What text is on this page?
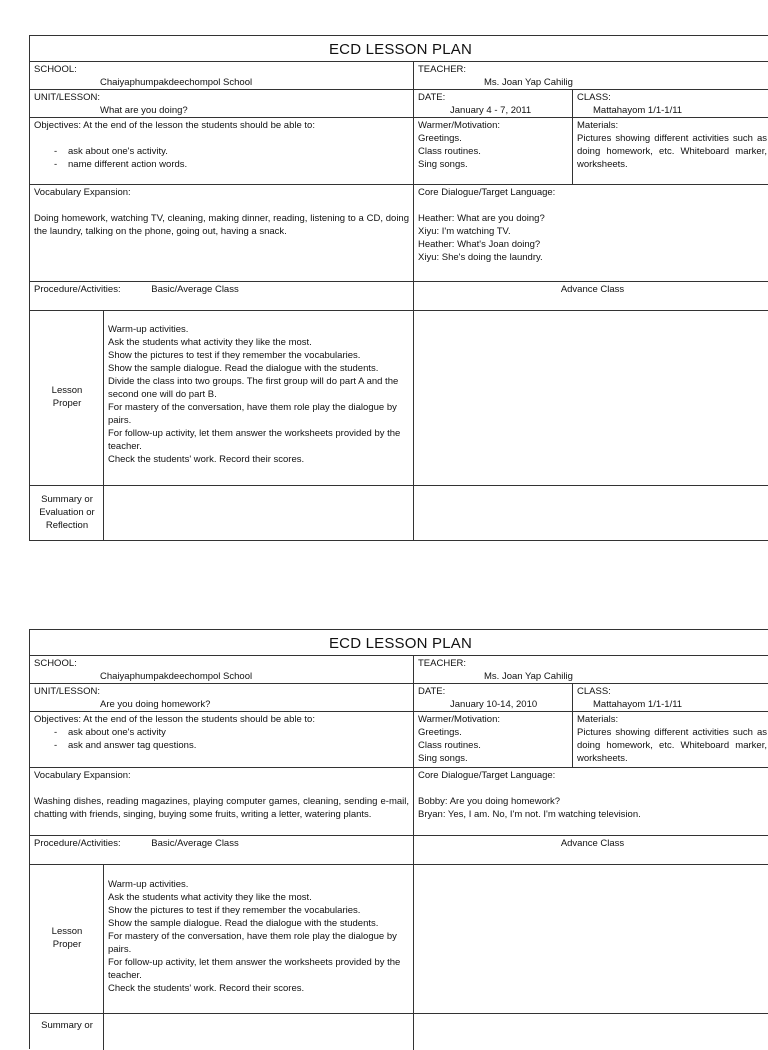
ECD LESSON PLAN
SCHOOL:
Chaiyaphumpakdeechompol School
TEACHER:
Ms. Joan Yap Cahilig
UNIT/LESSON:
What are you doing?
DATE:
January 4 - 7, 2011
CLASS:
Mattahayom 1/1-1/11
Objectives: At the end of the lesson the students should be able to:
- ask about one's activity.
- name different action words.
Warmer/Motivation:
Greetings.
Class routines.
Sing songs.
Materials:
Pictures showing different activities such as doing homework, etc. Whiteboard marker, worksheets.
Vocabulary Expansion:
Doing homework, watching TV, cleaning, making dinner, reading, listening to a CD, doing the laundry, talking on the phone, going out, having a snack.
Core Dialogue/Target Language:
Heather: What are you doing?
Xiyu: I'm watching TV.
Heather: What's Joan doing?
Xiyu: She's doing the laundry.
Procedure/Activities:	Basic/Average Class	Advance Class
Lesson Proper
Warm-up activities.
Ask the students what activity they like the most.
Show the pictures to test if they remember the vocabularies.
Show the sample dialogue. Read the dialogue with the students.
Divide the class into two groups. The first group will do part A and the second one will do part B.
For mastery of the conversation, have them role play the dialogue by pairs.
For follow-up activity, let them answer the worksheets provided by the teacher.
Check the students' work. Record their scores.
Summary or Evaluation or Reflection
ECD LESSON PLAN
SCHOOL:
Chaiyaphumpakdeechompol School
TEACHER:
Ms. Joan Yap Cahilig
UNIT/LESSON:
Are you doing homework?
DATE:
January 10-14, 2010
CLASS:
Mattahayom 1/1-1/11
Objectives: At the end of the lesson the students should be able to:
- ask about one's activity
- ask and answer tag questions.
Warmer/Motivation:
Greetings.
Class routines.
Sing songs.
Materials:
Pictures showing different activities such as doing homework, etc. Whiteboard marker, worksheets.
Vocabulary Expansion:
Washing dishes, reading magazines, playing computer games, cleaning, sending e-mail, chatting with friends, singing, buying some fruits, writing a letter, watering plants.
Core Dialogue/Target Language:
Bobby: Are you doing homework?
Bryan: Yes, I am. No, I'm not. I'm watching television.
Procedure/Activities:	Basic/Average Class	Advance Class
Lesson Proper
Warm-up activities.
Ask the students what activity they like the most.
Show the pictures to test if they remember the vocabularies.
Show the sample dialogue. Read the dialogue with the students.
For mastery of the conversation, have them role play the dialogue by pairs.
For follow-up activity, let them answer the worksheets provided by the teacher.
Check the students' work. Record their scores.
Summary or
